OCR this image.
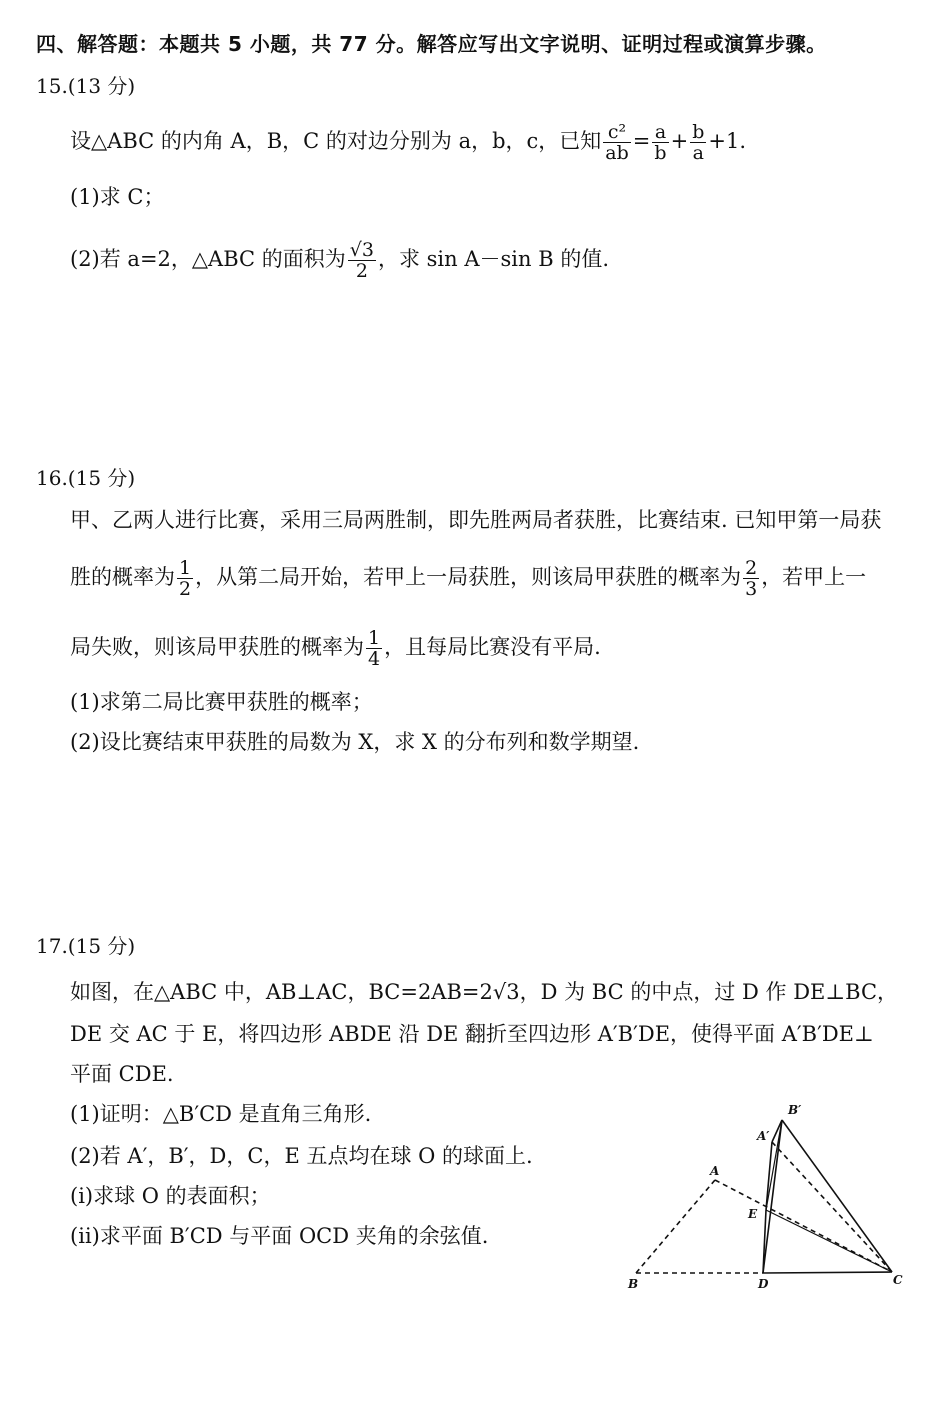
四、解答题：本题共 5 小题，共 77 分。解答应写出文字说明、证明过程或演算步骤。
15.(13 分)
设△ABC 的内角 A，B，C 的对边分别为 a，b，c，已知 $\frac{\text{c²}}{ab} = \frac{a}{b} + \frac{b}{a} +1$.
(1)求 C；
(2)若 a=2，△ABC 的面积为 $\frac{√3}{2}$ ，求 sin A－sin B 的值.
16.(15 分)
甲、乙两人进行比赛，采用三局两胜制，即先胜两局者获胜，比赛结束. 已知甲第一局获
胜的概率为 $\frac{1}{2}$ ，从第二局开始，若甲上一局获胜，则该局甲获胜的概率为 $\frac{2}{3}$ ，若甲上一
局失败，则该局甲获胜的概率为 $\frac{1}{4}$ ，且每局比赛没有平局.
(1)求第二局比赛甲获胜的概率；
(2)设比赛结束甲获胜的局数为 X，求 X 的分布列和数学期望.
17.(15 分)
如图，在△ABC 中，AB⊥AC，BC=2AB=2√3，D 为 BC 的中点，过 D 作 DE⊥BC，
DE 交 AC 于 E，将四边形 ABDE 沿 DE 翻折至四边形 A′B′DE，使得平面 A′B′DE⊥
平面 CDE.
(1)证明：△B′CD 是直角三角形.
(2)若 A′，B′，D，C，E 五点均在球 O 的球面上.
(ⅰ)求球 O 的表面积；
(ⅱ)求平面 B′CD 与平面 OCD 夹角的余弦值.
A
B	C
D
E
A′
B′
